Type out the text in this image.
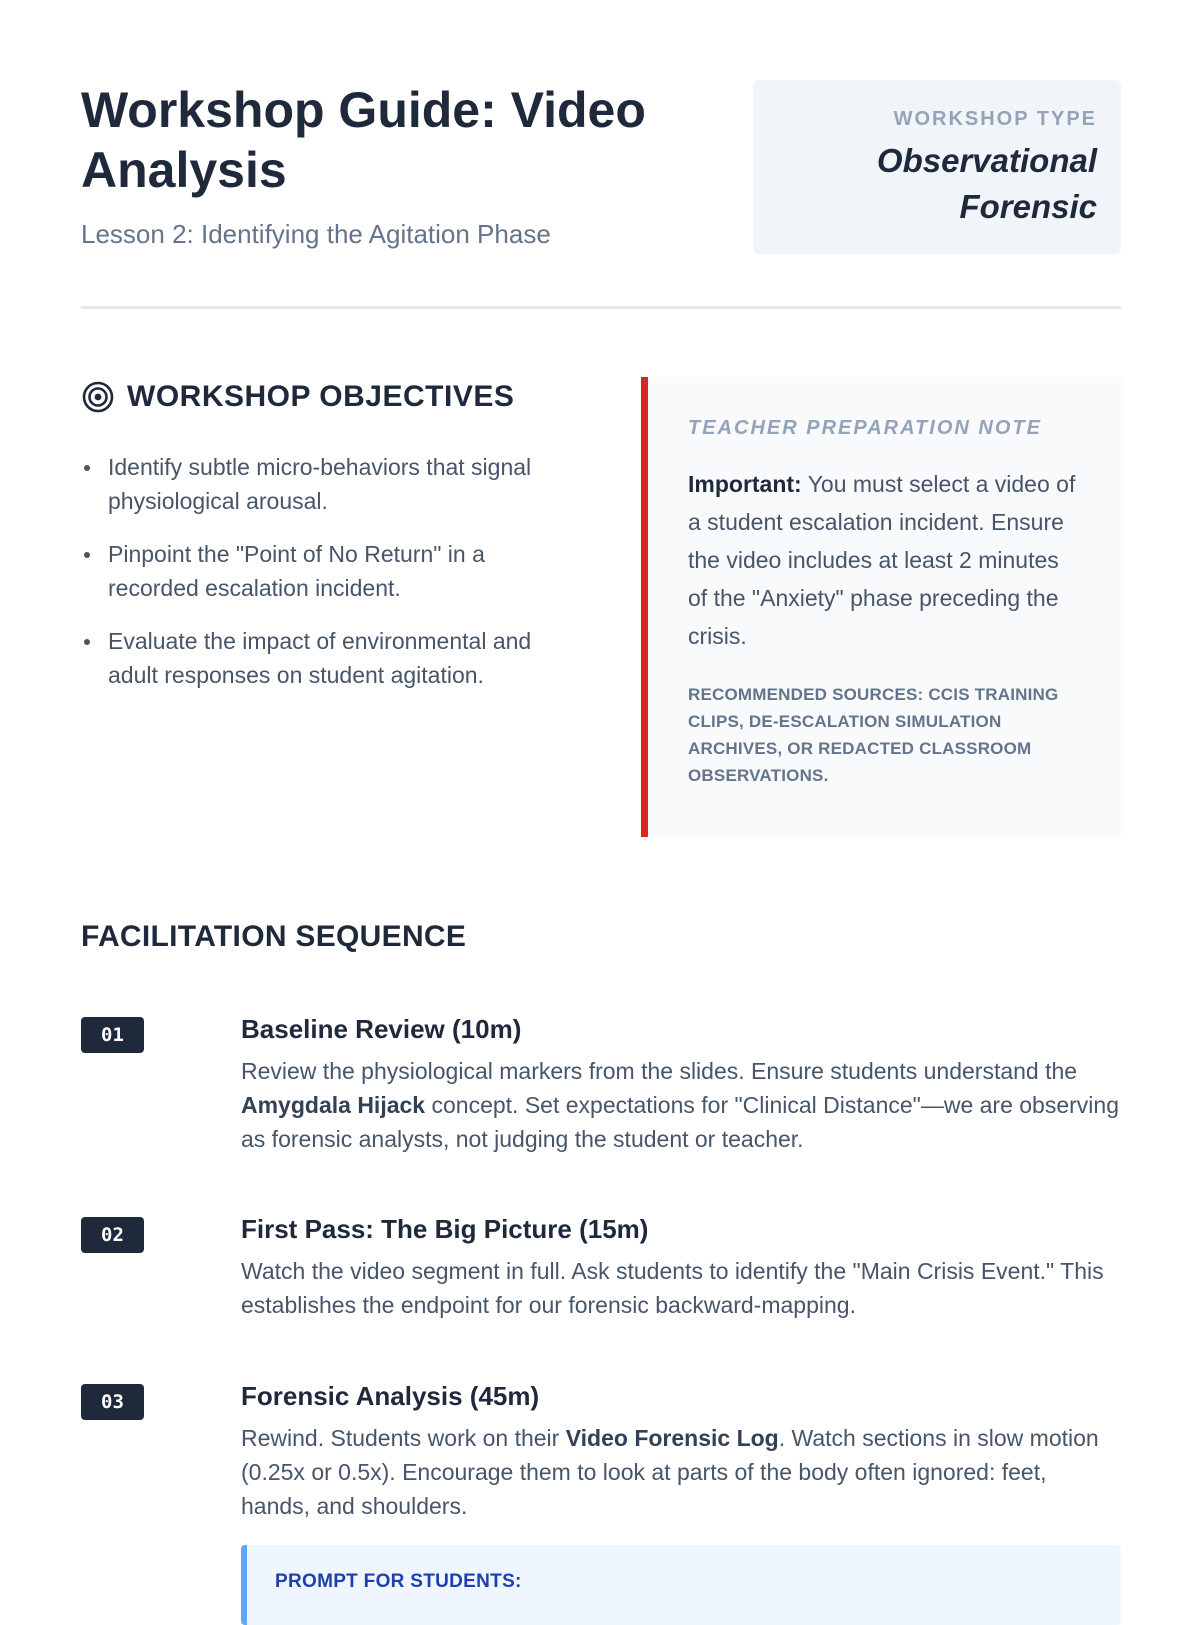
Workshop Guide: Video Analysis

Lesson 2: Identifying the Agitation Phase

WORKSHOP TYPE
Observational Forensic
WORKSHOP OBJECTIVES
Identify subtle micro-behaviors that signal physiological arousal.
Pinpoint the "Point of No Return" in a recorded escalation incident.
Evaluate the impact of environmental and adult responses on student agitation.
TEACHER PREPARATION NOTE
Important: You must select a video of a student escalation incident. Ensure the video includes at least 2 minutes of the "Anxiety" phase preceding the crisis.
RECOMMENDED SOURCES: CCIS TRAINING CLIPS, DE-ESCALATION SIMULATION ARCHIVES, OR REDACTED CLASSROOM OBSERVATIONS.
FACILITATION SEQUENCE
01	Baseline Review (10m)

Review the physiological markers from the slides. Ensure students understand the Amygdala Hijack concept. Set expectations for "Clinical Distance"—we are observing as forensic analysts, not judging the student or teacher.

02	First Pass: The Big Picture (15m)

Watch the video segment in full. Ask students to identify the "Main Crisis Event." This establishes the endpoint for our forensic backward-mapping.

03	Forensic Analysis (45m)

Rewind. Students work on their Video Forensic Log. Watch sections in slow motion (0.25x or 0.5x). Encourage them to look at parts of the body often ignored: feet, hands, and shoulders.

PROMPT FOR STUDENTS:
